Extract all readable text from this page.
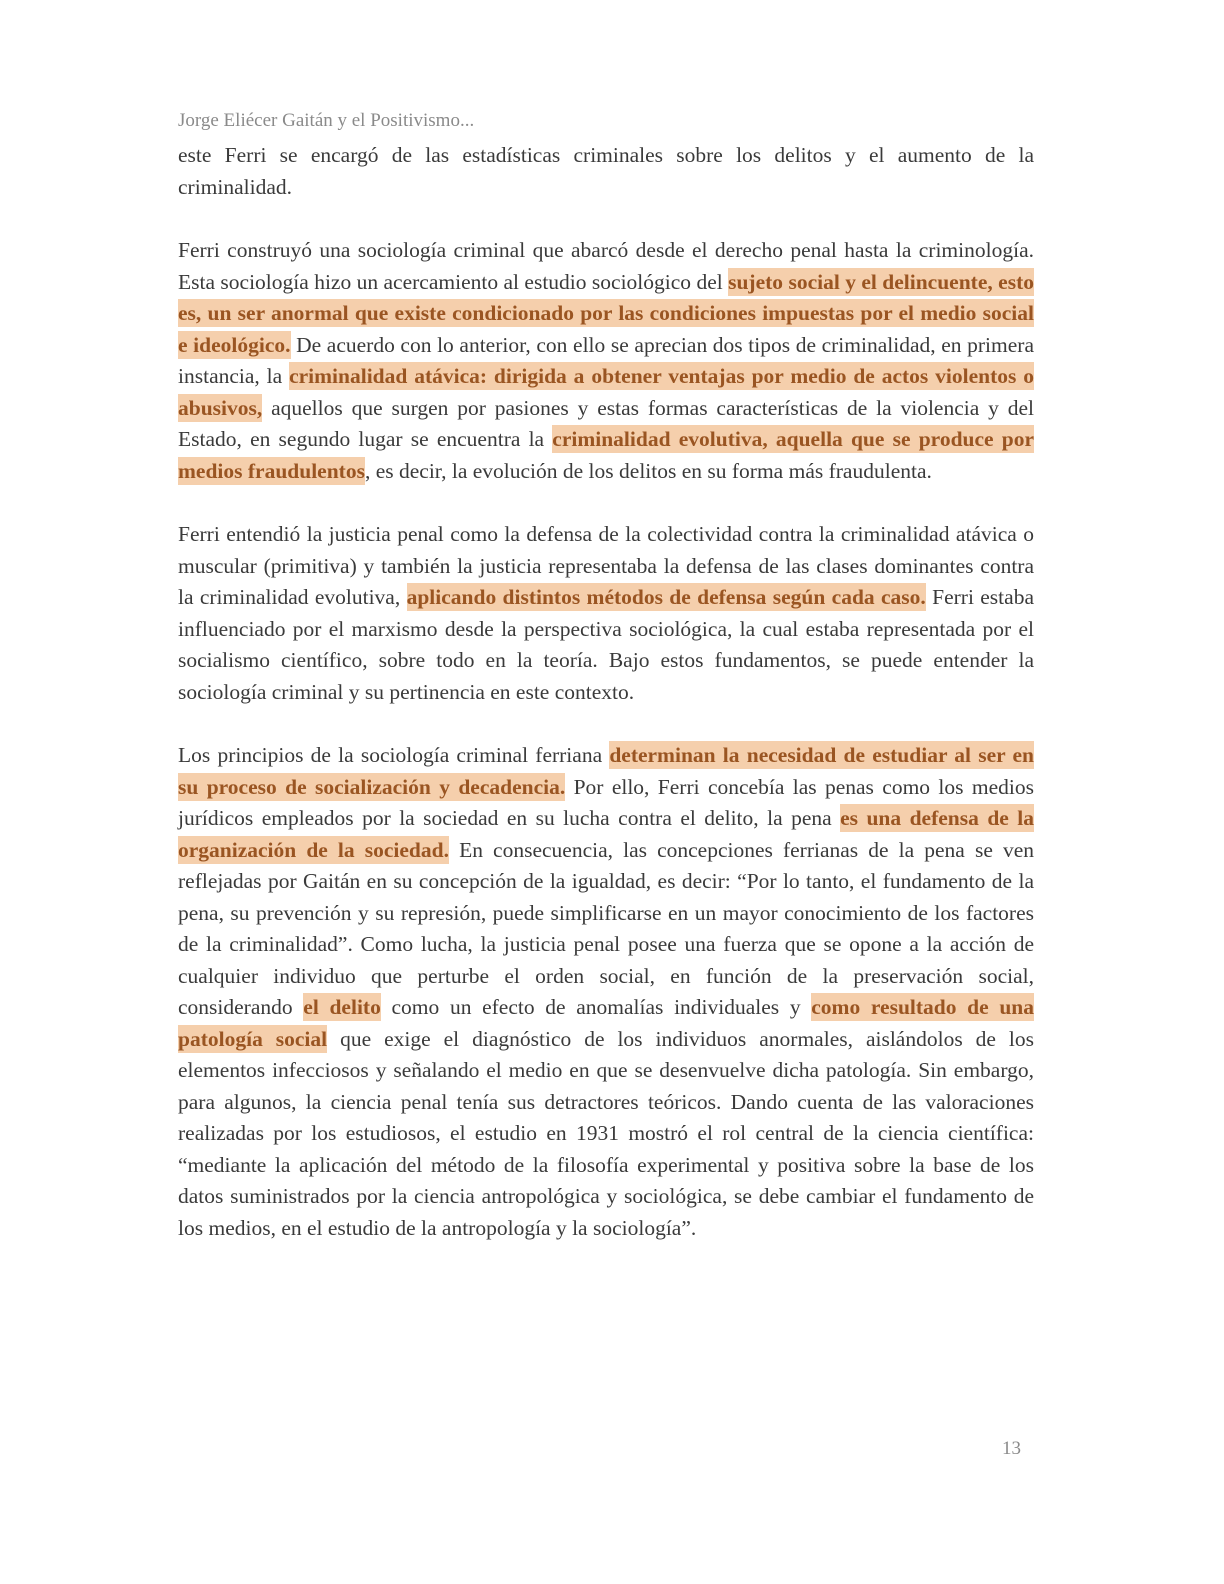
Jorge Eliécer Gaitán y el Positivismo...

este Ferri se encargó de las estadísticas criminales sobre los delitos y el aumento de la criminalidad.

Ferri construyó una sociología criminal que abarcó desde el derecho penal hasta la criminología. Esta sociología hizo un acercamiento al estudio sociológico del sujeto social y el delincuente, esto es, un ser anormal que existe condicionado por las condiciones impuestas por el medio social e ideológico. De acuerdo con lo anterior, con ello se aprecian dos tipos de criminalidad, en primera instancia, la criminalidad atávica: dirigida a obtener ventajas por medio de actos violentos o abusivos, aquellos que surgen por pasiones y estas formas características de la violencia y del Estado, en segundo lugar se encuentra la criminalidad evolutiva, aquella que se produce por medios fraudulentos, es decir, la evolución de los delitos en su forma más fraudulenta.

Ferri entendió la justicia penal como la defensa de la colectividad contra la criminalidad atávica o muscular (primitiva) y también la justicia representaba la defensa de las clases dominantes contra la criminalidad evolutiva, aplicando distintos métodos de defensa según cada caso. Ferri estaba influenciado por el marxismo desde la perspectiva sociológica, la cual estaba representada por el socialismo científico, sobre todo en la teoría. Bajo estos fundamentos, se puede entender la sociología criminal y su pertinencia en este contexto.

Los principios de la sociología criminal ferriana determinan la necesidad de estudiar al ser en su proceso de socialización y decadencia. Por ello, Ferri concebía las penas como los medios jurídicos empleados por la sociedad en su lucha contra el delito, la pena es una defensa de la organización de la sociedad. En consecuencia, las concepciones ferrianas de la pena se ven reflejadas por Gaitán en su concepción de la igualdad, es decir: “Por lo tanto, el fundamento de la pena, su prevención y su represión, puede simplificarse en un mayor conocimiento de los factores de la criminalidad”. Como lucha, la justicia penal posee una fuerza que se opone a la acción de cualquier individuo que perturbe el orden social, en función de la preservación social, considerando el delito como un efecto de anomalías individuales y como resultado de una patología social que exige el diagnóstico de los individuos anormales, aislándolos de los elementos infecciosos y señalando el medio en que se desenvuelve dicha patología. Sin embargo, para algunos, la ciencia penal tenía sus detractores teóricos. Dando cuenta de las valoraciones realizadas por los estudiosos, el estudio en 1931 mostró el rol central de la ciencia científica: “mediante la aplicación del método de la filosofía experimental y positiva sobre la base de los datos suministrados por la ciencia antropológica y sociológica, se debe cambiar el fundamento de los medios, en el estudio de la antropología y la sociología”.

13
